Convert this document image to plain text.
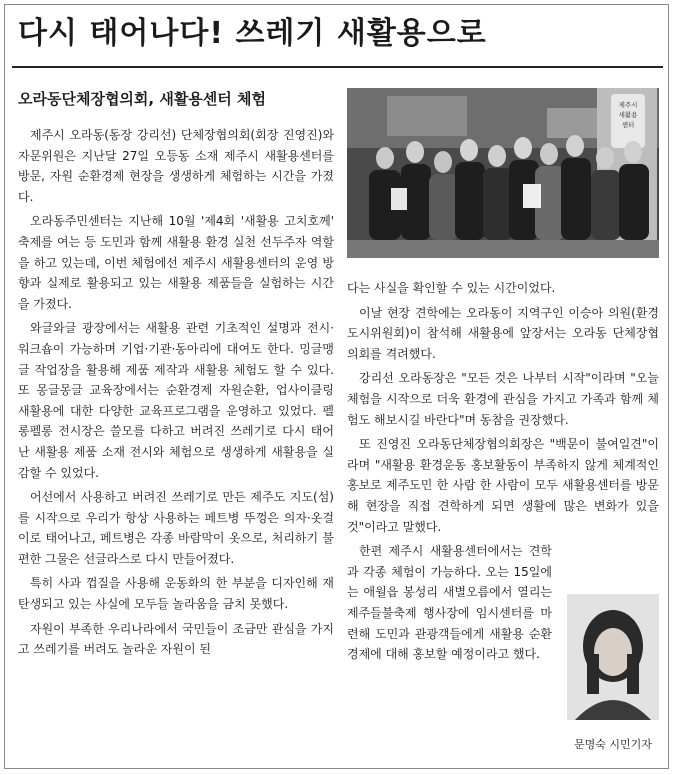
다시 태어나다! 쓰레기 새활용으로
오라동단체장협의회, 새활용센터 체험

제주시 오라동(동장 강리선) 단체장협의회(회장 진영진)와 자문위원은 지난달 27일 오등동 소재 제주시 새활용센터를 방문, 자원 순환경제 현장을 생생하게 체험하는 시간을 가졌다.

오라동주민센터는 지난해 10월 '제4회 '새활용 고치호께' 축제를 여는 등 도민과 함께 새활용 환경 실천 선두주자 역할을 하고 있는데, 이번 체험에선 제주시 새활용센터의 운영 방향과 실제로 활용되고 있는 새활용 제품들을 실험하는 시간을 가졌다.

와글와글 광장에서는 새활용 관련 기초적인 설명과 전시·워크숍이 가능하며 기업·기관·동아리에 대여도 한다. 밍글맹글 작업장을 활용해 제품 제작과 새활용 체험도 할 수 있다. 또 몽글몽글 교육장에서는 순환경제 자원순환, 업사이클링 새활용에 대한 다양한 교육프로그램을 운영하고 있었다. 펠롱펠롱 전시장은 쓸모를 다하고 버려진 쓰레기로 다시 태어난 새활용 제품 소재 전시와 체험으로 생생하게 새활용을 실감할 수 있었다.

어선에서 사용하고 버려진 쓰레기로 만든 제주도 지도(섬)를 시작으로 우리가 항상 사용하는 페트병 뚜껑은 의자·옷걸이로 태어나고, 페트병은 각종 바람막이 옷으로, 처리하기 불편한 그물은 선글라스로 다시 만들어졌다.

특히 사과 껍질을 사용해 운동화의 한 부분을 디자인해 재탄생되고 있는 사실에 모두들 놀라움을 금치 못했다.

자원이 부족한 우리나라에서 국민들이 조금만 관심을 가지고 쓰레기를 버려도 놀라운 자원이 된

제주시
새활용
센터

다는 사실을 확인할 수 있는 시간이었다.

이날 현장 견학에는 오라동이 지역구인 이승아 의원(환경도시위원회)이 참석해 새활용에 앞장서는 오라동 단체장협의회를 격려했다.

강리선 오라동장은 "모든 것은 나부터 시작"이라며 "오늘 체험을 시작으로 더욱 환경에 관심을 가지고 가족과 함께 체험도 해보시길 바란다"며 동참을 권장했다.

또 진영진 오라동단체장협의회장은 "백문이 불여일견"이라며 "새활용 환경운동 홍보활동이 부족하지 않게 체계적인 홍보로 제주도민 한 사람 한 사람이 모두 새활용센터를 방문해 현장을 직접 견학하게 되면 생활에 많은 변화가 있을 것"이라고 말했다.

한편 제주시 새활용센터에서는 견학과 각종 체험이 가능하다. 오는 15일에는 애월읍 봉성리 새별오름에서 열리는 제주들불축제 행사장에 임시센터를 마련해 도민과 관광객들에게 새활용 순환경제에 대해 홍보할 예정이라고 했다.

문명숙 시민기자
